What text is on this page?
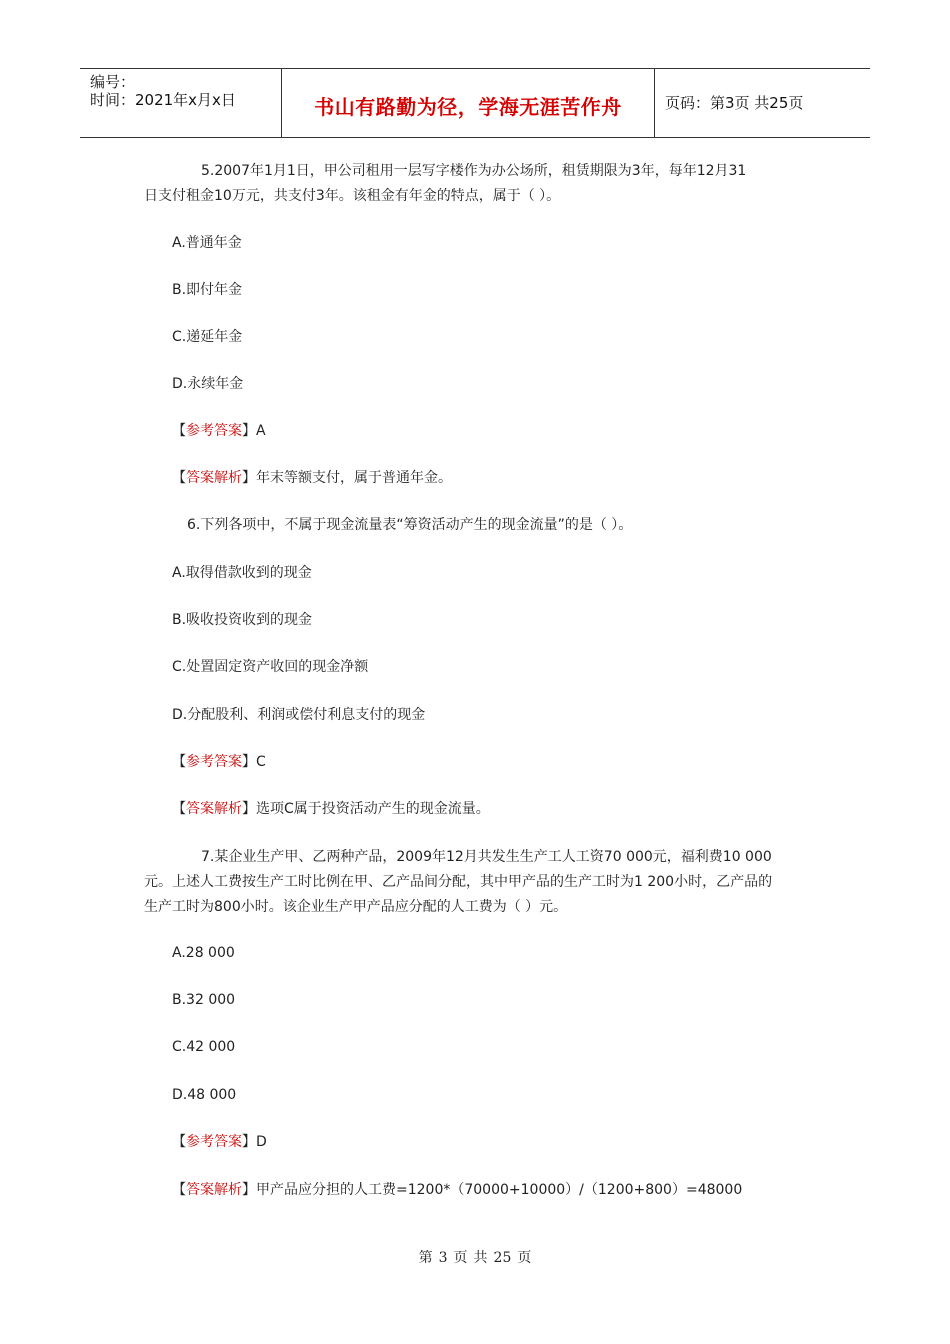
编号：
时间：2021年x月x日	书山有路勤为径，学海无涯苦作舟	页码：第3页 共25页
5.2007年1月1日，甲公司租用一层写字楼作为办公场所，租赁期限为3年，每年12月31
日支付租金10万元，共支付3年。该租金有年金的特点，属于（ ）。
A.普通年金
B.即付年金
C.递延年金
D.永续年金
【参考答案】A
【答案解析】年末等额支付，属于普通年金。
6.下列各项中，不属于现金流量表“筹资活动产生的现金流量”的是（ ）。
A.取得借款收到的现金
B.吸收投资收到的现金
C.处置固定资产收回的现金净额
D.分配股利、利润或偿付利息支付的现金
【参考答案】C
【答案解析】选项C属于投资活动产生的现金流量。
7.某企业生产甲、乙两种产品，2009年12月共发生生产工人工资70 000元，福利费10 000
元。上述人工费按生产工时比例在甲、乙产品间分配，其中甲产品的生产工时为1 200小时，乙产品的
生产工时为800小时。该企业生产甲产品应分配的人工费为（ ）元。
A.28 000
B.32 000
C.42 000
D.48 000
【参考答案】D
【答案解析】甲产品应分担的人工费=1200*（70000+10000）/（1200+800）=48000
第 3 页 共 25 页
